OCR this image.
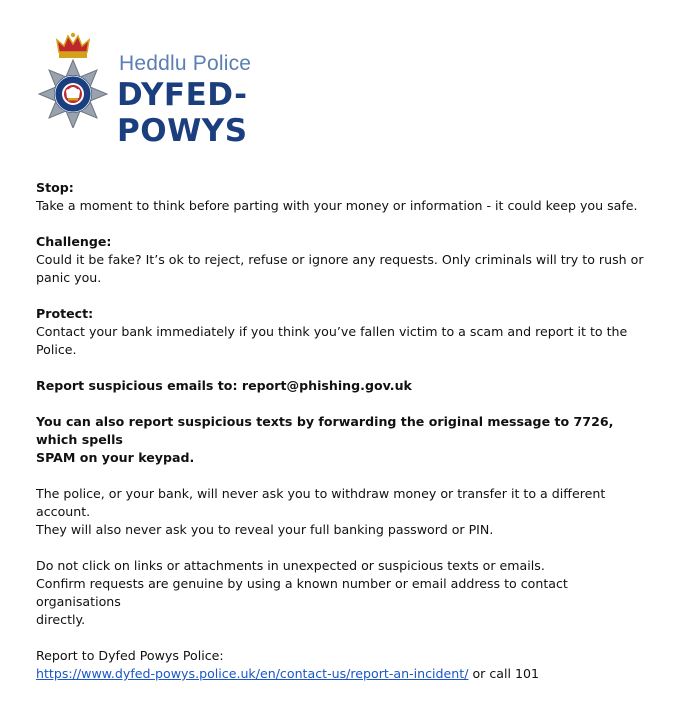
Heddlu Police
DYFED-POWYS
Stop:
Take a moment to think before parting with your money or information - it could keep you safe.
Challenge:
Could it be fake? It’s ok to reject, refuse or ignore any requests. Only criminals will try to rush or
panic you.
Protect:
Contact your bank immediately if you think you’ve fallen victim to a scam and report it to the Police.
Report suspicious emails to: report@phishing.gov.uk
You can also report suspicious texts by forwarding the original message to 7726, which spells
SPAM on your keypad.
The police, or your bank, will never ask you to withdraw money or transfer it to a different account.
They will also never ask you to reveal your full banking password or PIN.
Do not click on links or attachments in unexpected or suspicious texts or emails.
Confirm requests are genuine by using a known number or email address to contact organisations
directly.
Report to Dyfed Powys Police:
https://www.dyfed-powys.police.uk/en/contact-us/report-an-incident/ or call 101
